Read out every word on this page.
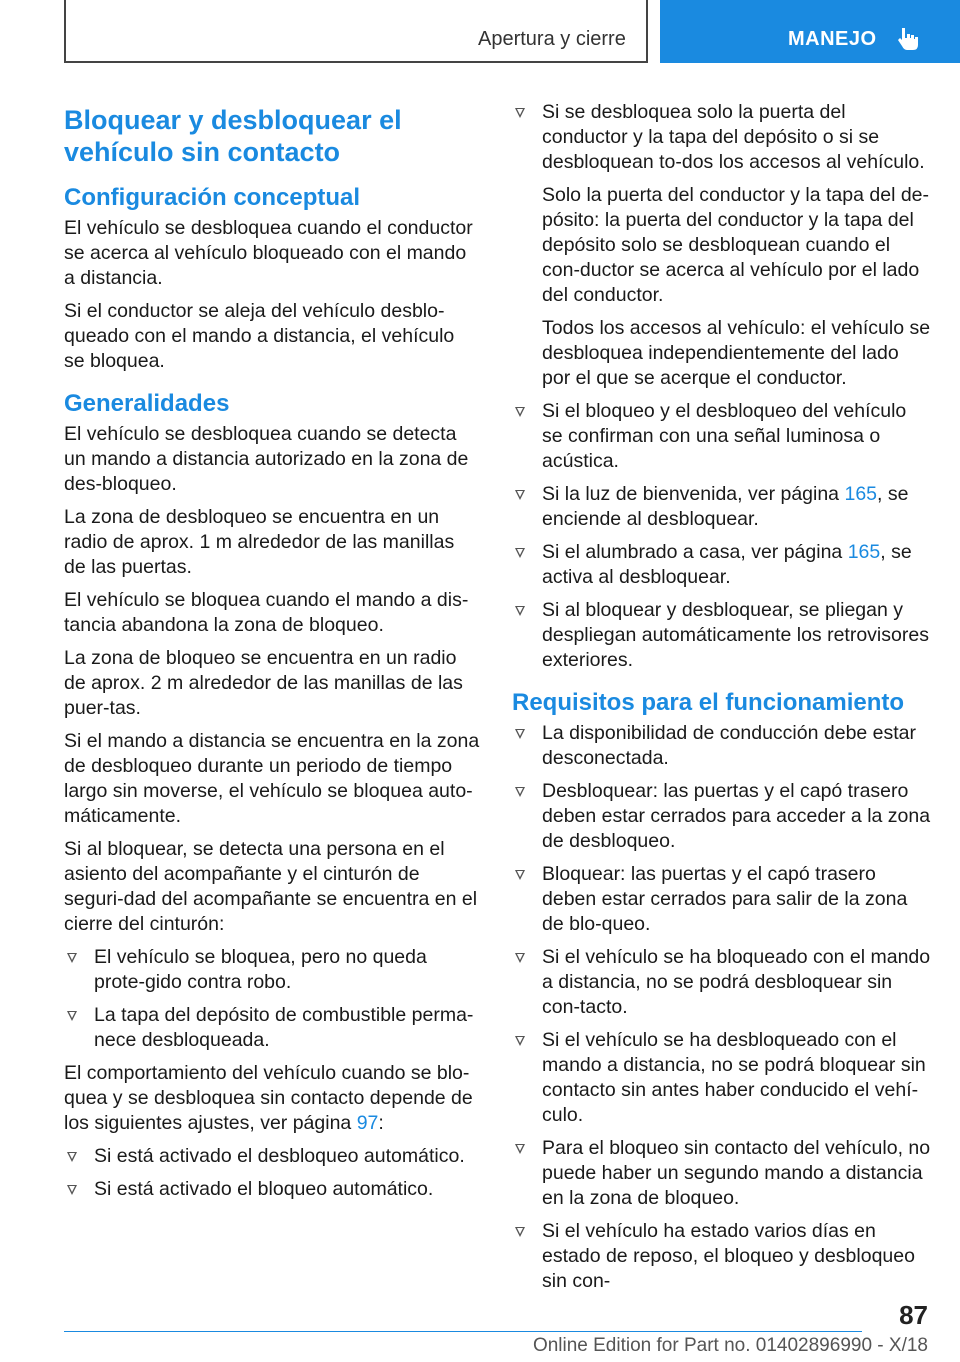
Apertura y cierre	MANEJO
Bloquear y desbloquear el vehículo sin contacto
Configuración conceptual

El vehículo se desbloquea cuando el conductor se acerca al vehículo bloqueado con el mando a distancia.

Si el conductor se aleja del vehículo desblo-queado con el mando a distancia, el vehículo se bloquea.

Generalidades

El vehículo se desbloquea cuando se detecta un mando a distancia autorizado en la zona de des-bloqueo.

La zona de desbloqueo se encuentra en un radio de aprox. 1 m alrededor de las manillas de las puertas.

El vehículo se bloquea cuando el mando a dis-tancia abandona la zona de bloqueo.

La zona de bloqueo se encuentra en un radio de aprox. 2 m alrededor de las manillas de las puer-tas.

Si el mando a distancia se encuentra en la zona de desbloqueo durante un periodo de tiempo largo sin moverse, el vehículo se bloquea auto-máticamente.

Si al bloquear, se detecta una persona en el asiento del acompañante y el cinturón de seguri-dad del acompañante se encuentra en el cierre del cinturón:

El vehículo se bloquea, pero no queda prote-gido contra robo.
La tapa del depósito de combustible perma-nece desbloqueada.

El comportamiento del vehículo cuando se blo-quea y se desbloquea sin contacto depende de los siguientes ajustes, ver página 97:

Si está activado el desbloqueo automático.
Si está activado el bloqueo automático.
Si se desbloquea solo la puerta del conductor y la tapa del depósito o si se desbloquean to-dos los accesos al vehículo.

Solo la puerta del conductor y la tapa del de-pósito: la puerta del conductor y la tapa del depósito solo se desbloquean cuando el con-ductor se acerca al vehículo por el lado del conductor.

Todos los accesos al vehículo: el vehículo se desbloquea independientemente del lado por el que se acerque el conductor.

Si el bloqueo y el desbloqueo del vehículo se confirman con una señal luminosa o acústica.
Si la luz de bienvenida, ver página 165, se enciende al desbloquear.
Si el alumbrado a casa, ver página 165, se activa al desbloquear.
Si al bloquear y desbloquear, se pliegan y despliegan automáticamente los retrovisores exteriores.
Requisitos para el funcionamiento
La disponibilidad de conducción debe estar desconectada.
Desbloquear: las puertas y el capó trasero deben estar cerrados para acceder a la zona de desbloqueo.
Bloquear: las puertas y el capó trasero deben estar cerrados para salir de la zona de blo-queo.
Si el vehículo se ha bloqueado con el mando a distancia, no se podrá desbloquear sin con-tacto.
Si el vehículo se ha desbloqueado con el mando a distancia, no se podrá bloquear sin contacto sin antes haber conducido el vehí-culo.
Para el bloqueo sin contacto del vehículo, no puede haber un segundo mando a distancia en la zona de bloqueo.
Si el vehículo ha estado varios días en estado de reposo, el bloqueo y desbloqueo sin con-
87
Online Edition for Part no. 01402896990 - X/18
